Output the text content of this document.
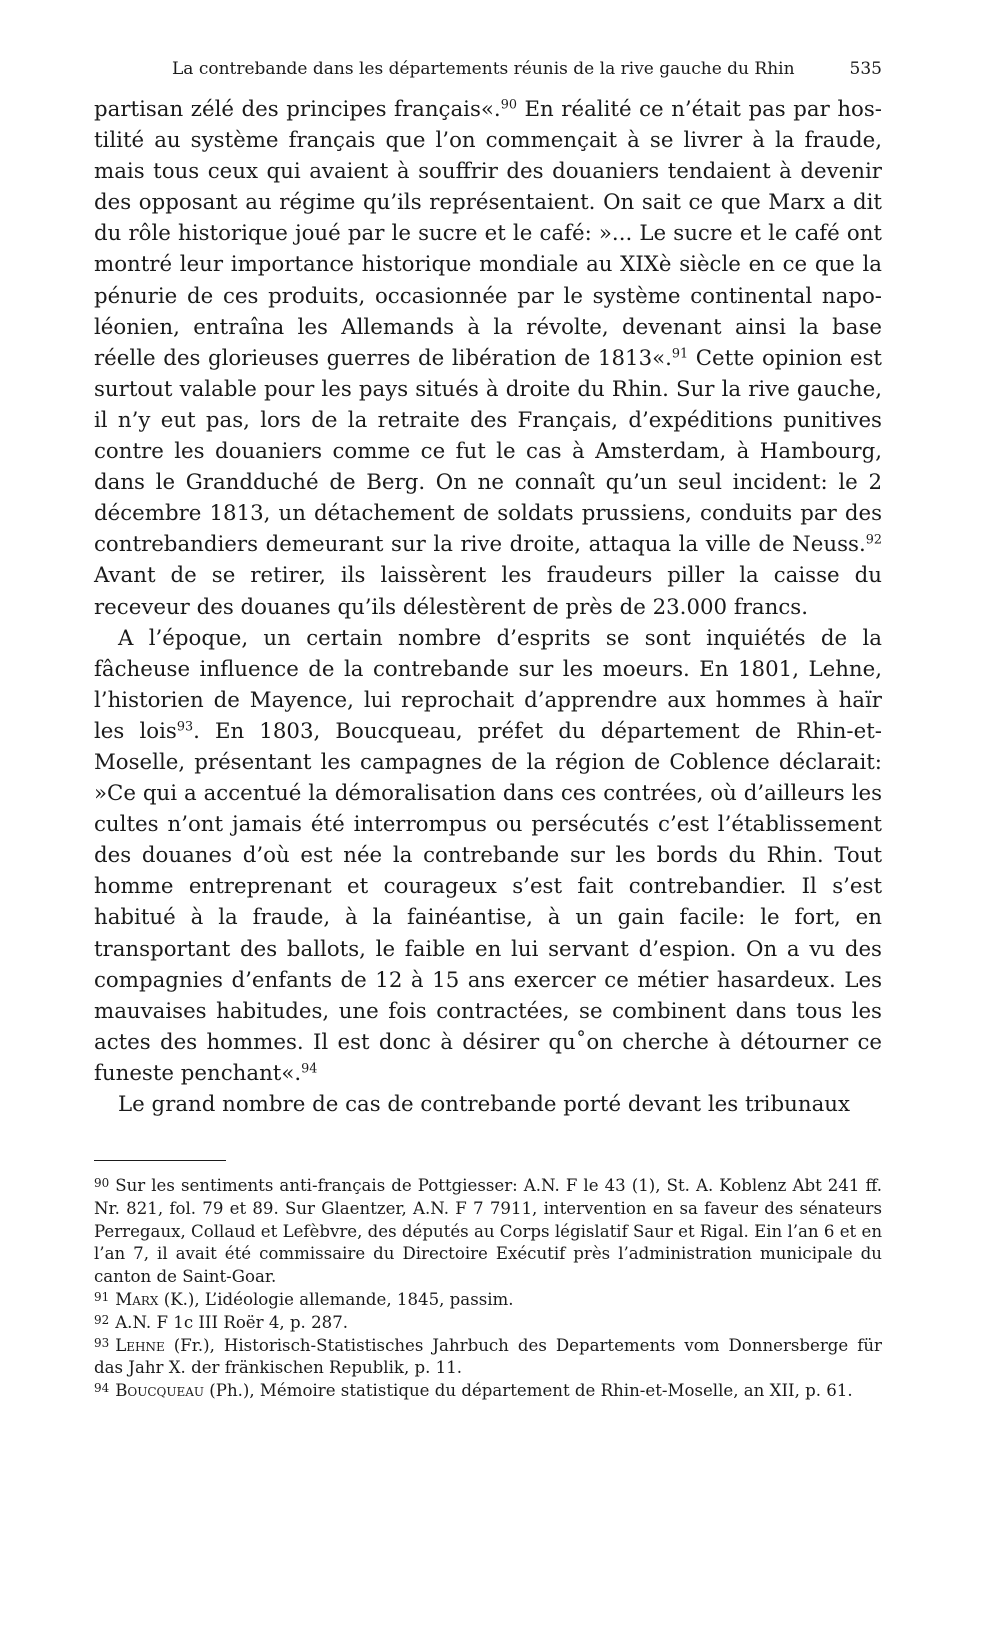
La contrebande dans les départements réunis de la rive gauche du Rhin	535

partisan zélé des principes français«.$^{90}$ En réalité ce n’était pas par hostilité au système français que l’on commençait à se livrer à la fraude, mais tous ceux qui avaient à souffrir des douaniers tendaient à devenir des opposant au régime qu’ils représentaient. On sait ce que Marx a dit du rôle historique joué par le sucre et le café: »... Le sucre et le café ont montré leur importance historique mondiale au XIXè siècle en ce que la pénurie de ces produits, occasionnée par le système continental napoléonien, entraîna les Allemands à la révolte, devenant ainsi la base réelle des glorieuses guerres de libération de 1813«.$^{91}$ Cette opinion est surtout valable pour les pays situés à droite du Rhin. Sur la rive gauche, il n’y eut pas, lors de la retraite des Français, d’expéditions punitives contre les douaniers comme ce fut le cas à Amsterdam, à Hambourg, dans le Grandduché de Berg. On ne connaît qu’un seul incident: le 2 décembre 1813, un détachement de soldats prussiens, conduits par des contrebandiers demeurant sur la rive droite, attaqua la ville de Neuss.$^{92}$ Avant de se retirer, ils laissèrent les fraudeurs piller la caisse du receveur des douanes qu’ils délestèrent de près de 23.000 francs.

A l’époque, un certain nombre d’esprits se sont inquiétés de la fâcheuse influence de la contrebande sur les moeurs. En 1801, Lehne, l’historien de Mayence, lui reprochait d’apprendre aux hommes à haïr les lois$^{93}$. En 1803, Boucqueau, préfet du département de Rhin-et-Moselle, présentant les campagnes de la région de Coblence déclarait: »Ce qui a accentué la démoralisation dans ces contrées, où d’ailleurs les cultes n’ont jamais été interrompus ou persécutés c’est l’établissement des douanes d’où est née la contrebande sur les bords du Rhin. Tout homme entreprenant et courageux s’est fait contrebandier. Il s’est habitué à la fraude, à la fainéantise, à un gain facile: le fort, en transportant des ballots, le faible en lui servant d’espion. On a vu des compagnies d’enfants de 12 à 15 ans exercer ce métier hasardeux. Les mauvaises habitudes, une fois contractées, se combinent dans tous les actes des hommes. Il est donc à désirer qu˚on cherche à détourner ce funeste penchant«.$^{94}$

Le grand nombre de cas de contrebande porté devant les tribunaux

$^{90}$ Sur les sentiments anti-français de Pottgiesser: A.N. F le 43 (1), St. A. Koblenz Abt 241 ff. Nr. 821, fol. 79 et 89. Sur Glaentzer, A.N. F 7 7911, intervention en sa faveur des sénateurs Perregaux, Collaud et Lefèbvre, des députés au Corps législatif Saur et Rigal. Ein l’an 6 et en l’an 7, il avait été commissaire du Directoire Exécutif près l’administration municipale du canton de Saint-Goar.

$^{91}$ Marx (K.), L’idéologie allemande, 1845, passim.

$^{92}$ A.N. F 1c III Roër 4, p. 287.

$^{93}$ Lehne (Fr.), Historisch-Statistisches Jahrbuch des Departements vom Donnersberge für das Jahr X. der fränkischen Republik, p. 11.

$^{94}$ Boucqueau (Ph.), Mémoire statistique du département de Rhin-et-Moselle, an XII, p. 61.
